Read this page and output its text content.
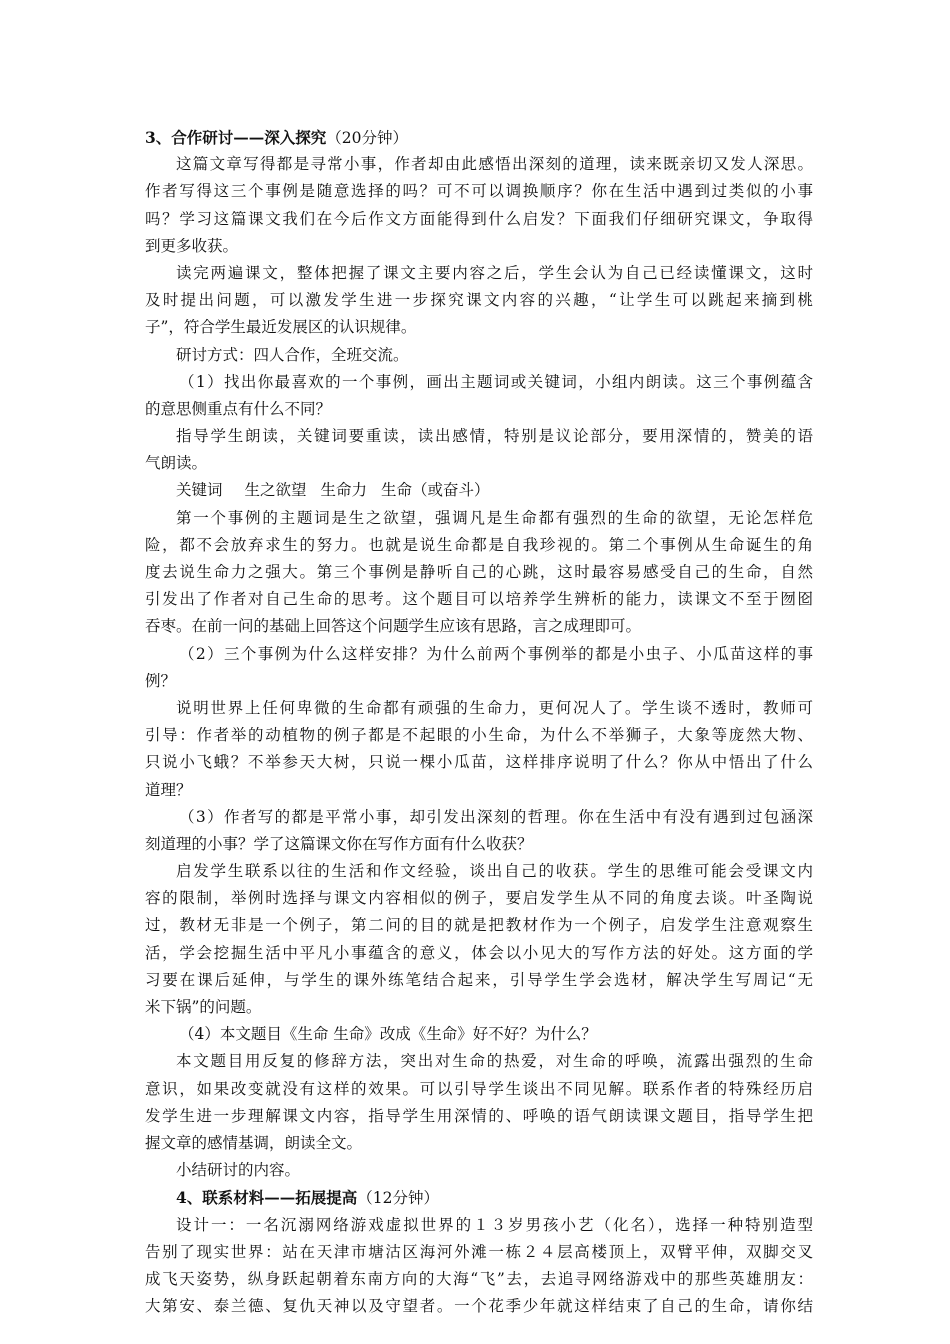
3、合作研讨——深入探究（20分钟）
这篇文章写得都是寻常小事，作者却由此感悟出深刻的道理，读来既亲切又发人深思。
作者写得这三个事例是随意选择的吗？可不可以调换顺序？你在生活中遇到过类似的小事
吗？学习这篇课文我们在今后作文方面能得到什么启发？下面我们仔细研究课文，争取得
到更多收获。
读完两遍课文，整体把握了课文主要内容之后，学生会认为自己已经读懂课文，这时
及时提出问题，可以激发学生进一步探究课文内容的兴趣，“让学生可以跳起来摘到桃
子”，符合学生最近发展区的认识规律。
研讨方式：四人合作，全班交流。
（1）找出你最喜欢的一个事例，画出主题词或关键词，小组内朗读。这三个事例蕴含
的意思侧重点有什么不同？
指导学生朗读，关键词要重读，读出感情，特别是议论部分，要用深情的，赞美的语
气朗读。
关键词 生之欲望 生命力 生命（或奋斗）
第一个事例的主题词是生之欲望，强调凡是生命都有强烈的生命的欲望，无论怎样危
险，都不会放弃求生的努力。也就是说生命都是自我珍视的。第二个事例从生命诞生的角
度去说生命力之强大。第三个事例是静听自己的心跳，这时最容易感受自己的生命，自然
引发出了作者对自己生命的思考。这个题目可以培养学生辨析的能力，读课文不至于囫囵
吞枣。在前一问的基础上回答这个问题学生应该有思路，言之成理即可。
（2）三个事例为什么这样安排？为什么前两个事例举的都是小虫子、小瓜苗这样的事
例？
说明世界上任何卑微的生命都有顽强的生命力，更何况人了。学生谈不透时，教师可
引导：作者举的动植物的例子都是不起眼的小生命，为什么不举狮子，大象等庞然大物、
只说小飞蛾？不举参天大树，只说一棵小瓜苗，这样排序说明了什么？你从中悟出了什么
道理？
（3）作者写的都是平常小事，却引发出深刻的哲理。你在生活中有没有遇到过包涵深
刻道理的小事？学了这篇课文你在写作方面有什么收获？
启发学生联系以往的生活和作文经验，谈出自己的收获。学生的思维可能会受课文内
容的限制，举例时选择与课文内容相似的例子，要启发学生从不同的角度去谈。叶圣陶说
过，教材无非是一个例子，第二问的目的就是把教材作为一个例子，启发学生注意观察生
活，学会挖掘生活中平凡小事蕴含的意义，体会以小见大的写作方法的好处。这方面的学
习要在课后延伸，与学生的课外练笔结合起来，引导学生学会选材，解决学生写周记“无
米下锅”的问题。
（4）本文题目《生命 生命》改成《生命》好不好？为什么？
本文题目用反复的修辞方法，突出对生命的热爱，对生命的呼唤，流露出强烈的生命
意识，如果改变就没有这样的效果。可以引导学生谈出不同见解。联系作者的特殊经历启
发学生进一步理解课文内容，指导学生用深情的、呼唤的语气朗读课文题目，指导学生把
握文章的感情基调，朗读全文。
小结研讨的内容。
4、联系材料——拓展提高（12分钟）
设计一：一名沉溺网络游戏虚拟世界的１３岁男孩小艺（化名），选择一种特别造型
告别了现实世界：站在天津市塘沽区海河外滩一栋２４层高楼顶上，双臂平伸，双脚交叉
成飞天姿势，纵身跃起朝着东南方向的大海“飞”去，去追寻网络游戏中的那些英雄朋友：
大第安、泰兰德、复仇天神以及守望者。一个花季少年就这样结束了自己的生命，请你结
